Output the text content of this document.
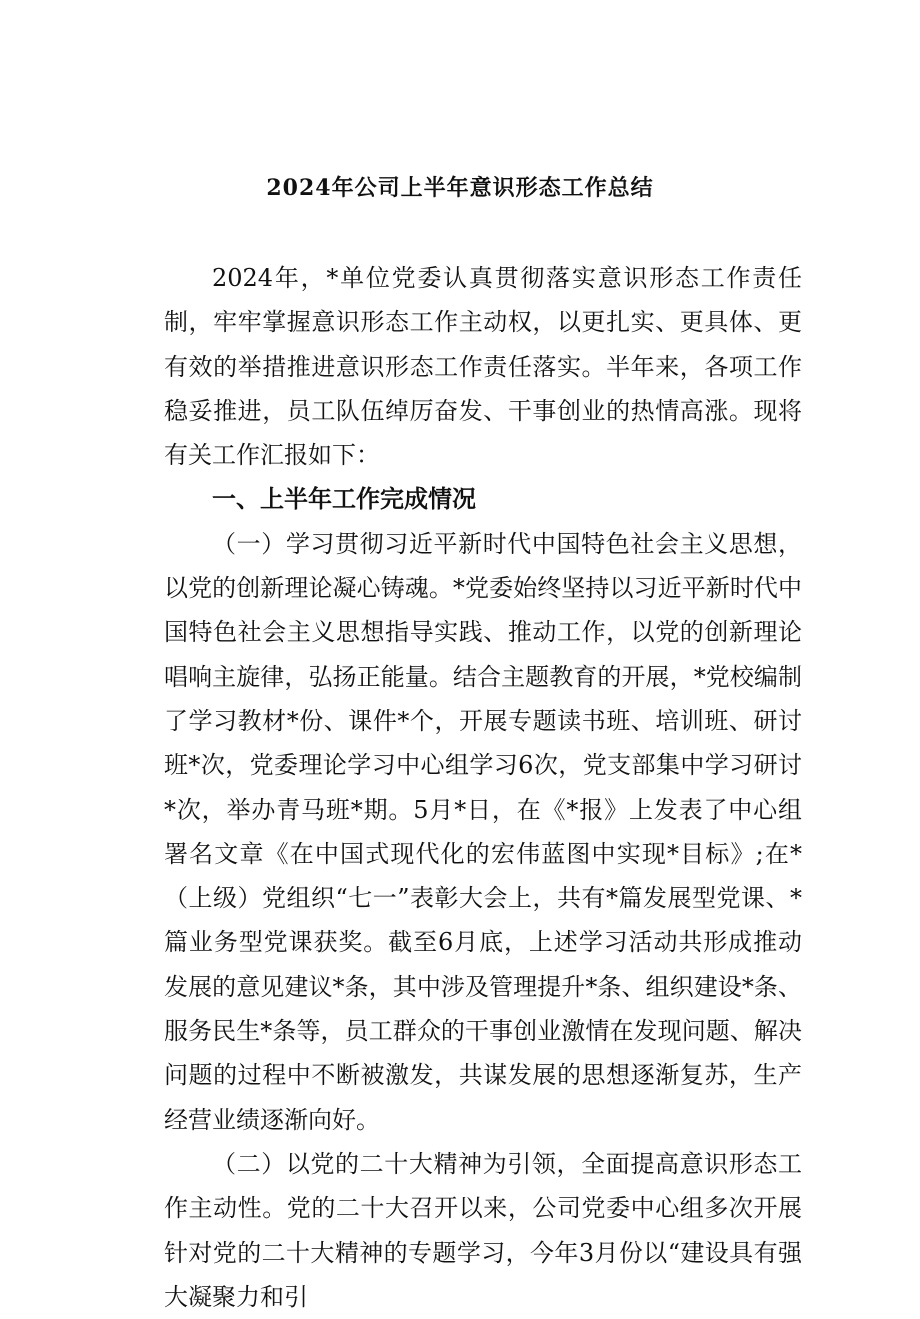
2024年公司上半年意识形态工作总结

2024年，*单位党委认真贯彻落实意识形态工作责任制，牢牢掌握意识形态工作主动权，以更扎实、更具体、更有效的举措推进意识形态工作责任落实。半年来，各项工作稳妥推进，员工队伍绰厉奋发、干事创业的热情高涨。现将有关工作汇报如下：

一、上半年工作完成情况

（一）学习贯彻习近平新时代中国特色社会主义思想，以党的创新理论凝心铸魂。*党委始终坚持以习近平新时代中国特色社会主义思想指导实践、推动工作，以党的创新理论唱响主旋律，弘扬正能量。结合主题教育的开展，*党校编制了学习教材*份、课件*个，开展专题读书班、培训班、研讨班*次，党委理论学习中心组学习6次，党支部集中学习研讨*次，举办青马班*期。5月*日，在《*报》上发表了中心组署名文章《在中国式现代化的宏伟蓝图中实现*目标》;在*（上级）党组织“七一”表彰大会上，共有*篇发展型党课、*篇业务型党课获奖。截至6月底，上述学习活动共形成推动发展的意见建议*条，其中涉及管理提升*条、组织建设*条、服务民生*条等，员工群众的干事创业激情在发现问题、解决问题的过程中不断被激发，共谋发展的思想逐渐复苏，生产经营业绩逐渐向好。

（二）以党的二十大精神为引领，全面提高意识形态工作主动性。党的二十大召开以来，公司党委中心组多次开展针对党的二十大精神的专题学习，今年3月份以“建设具有强大凝聚力和引
